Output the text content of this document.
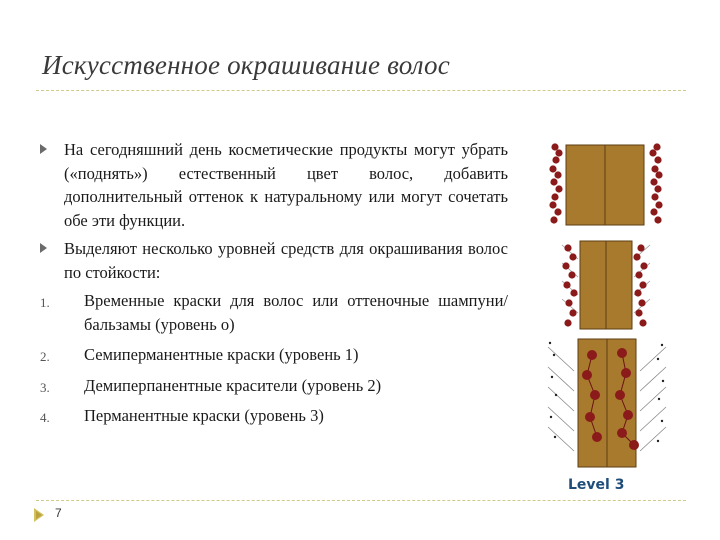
Искусственное окрашивание волос
На сегодняшний день косметические продукты могут убрать («поднять») естественный цвет волос, добавить дополнительный оттенок к натуральному или могут сочетать обе эти функции.
Выделяют несколько уровней средств для окрашивания волос по стойкости:
1. Временные краски для волос или оттеночные шампуни/бальзамы (уровень о)
2. Семиперманентные краски (уровень 1)
3. Демиперпанентные красители (уровень 2)
4. Перманентные краски (уровень 3)
Level 3
7
